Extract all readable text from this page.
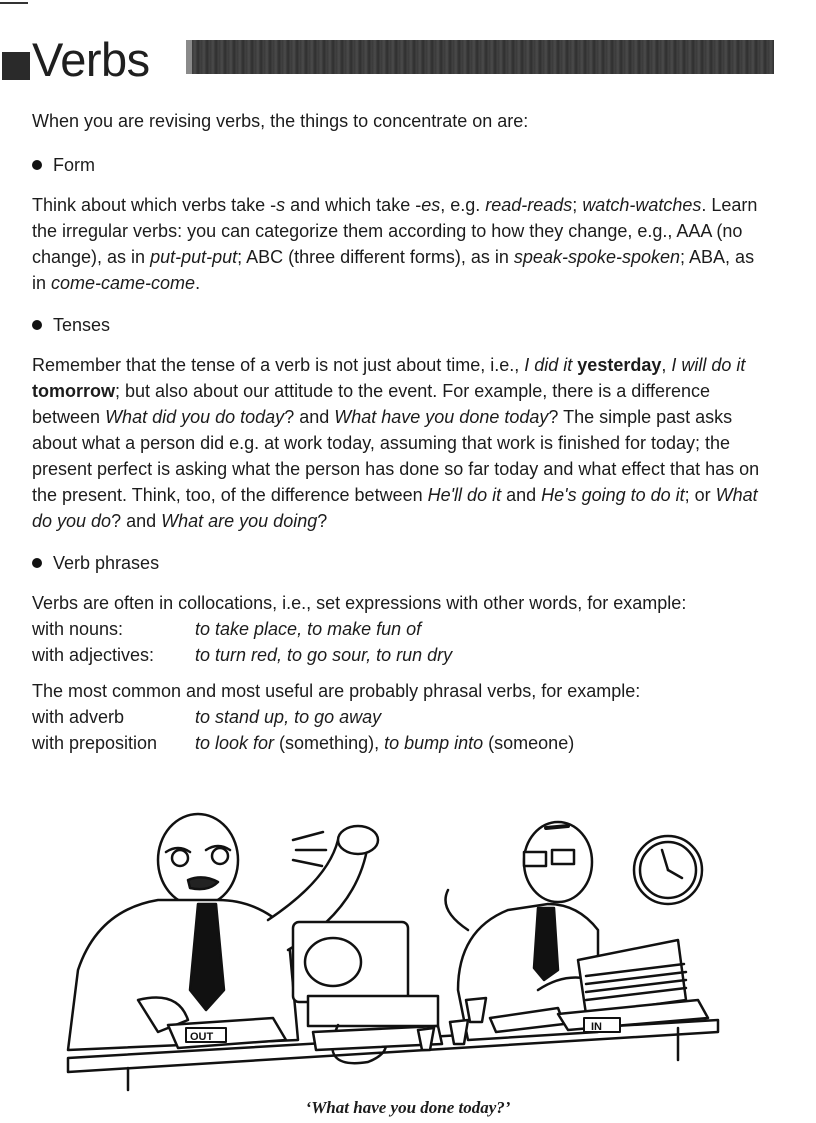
Verbs

When you are revising verbs, the things to concentrate on are:

Form

Think about which verbs take -s and which take -es, e.g. read-reads; watch-watches. Learn the irregular verbs: you can categorize them according to how they change, e.g., AAA (no change), as in put-put-put; ABC (three different forms), as in speak-spoke-spoken; ABA, as in come-came-come.

Tenses

Remember that the tense of a verb is not just about time, i.e., I did it yesterday, I will do it tomorrow; but also about our attitude to the event. For example, there is a difference between What did you do today? and What have you done today? The simple past asks about what a person did e.g. at work today, assuming that work is finished for today; the present perfect is asking what the person has done so far today and what effect that has on the present. Think, too, of the difference between He'll do it and He's going to do it; or What do you do? and What are you doing?

Verb phrases

Verbs are often in collocations, i.e., set expressions with other words, for example:

with nouns:	to take place, to make fun of
with adjectives:	to turn red, to go sour, to run dry

The most common and most useful are probably phrasal verbs, for example:

with adverb	to stand up, to go away
with preposition	to look for (something), to bump into (someone)
OUT
IN
‘What have you done today?’
